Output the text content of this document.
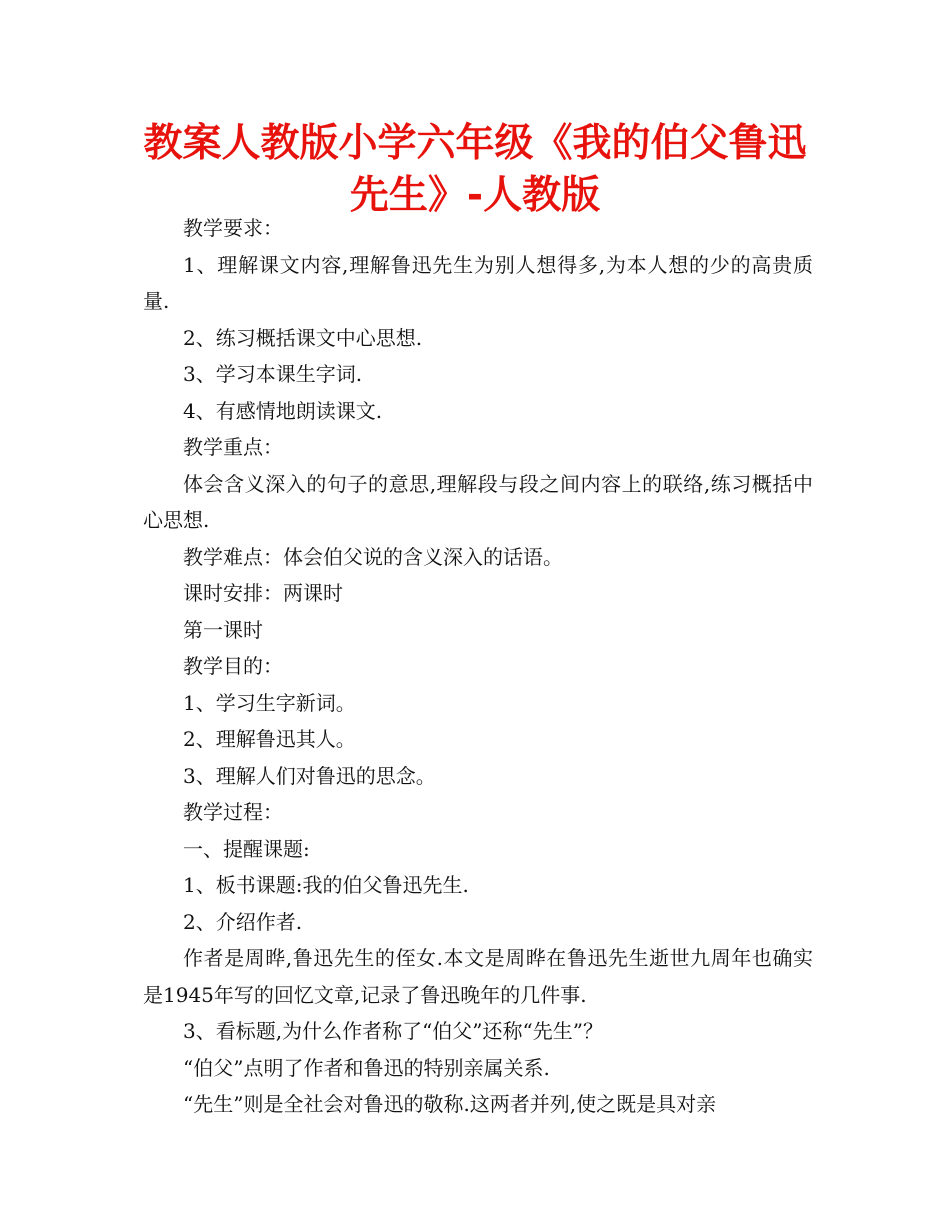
教案人教版小学六年级《我的伯父鲁迅先生》-人教版

教学要求：

1、理解课文内容,理解鲁迅先生为别人想得多,为本人想的少的高贵质量.

2、练习概括课文中心思想.

3、学习本课生字词.

4、有感情地朗读课文.

教学重点：

体会含义深入的句子的意思,理解段与段之间内容上的联络,练习概括中心思想.

教学难点：体会伯父说的含义深入的话语。

课时安排：两课时

第一课时

教学目的：

1、学习生字新词。

2、理解鲁迅其人。

3、理解人们对鲁迅的思念。

教学过程：

一、提醒课题:

1、板书课题:我的伯父鲁迅先生.

2、介绍作者.

作者是周晔,鲁迅先生的侄女.本文是周晔在鲁迅先生逝世九周年也确实是1945年写的回忆文章,记录了鲁迅晚年的几件事.

3、看标题,为什么作者称了“伯父”还称“先生”？

“伯父”点明了作者和鲁迅的特别亲属关系.

“先生”则是全社会对鲁迅的敬称.这两者并列,使之既是具对亲
